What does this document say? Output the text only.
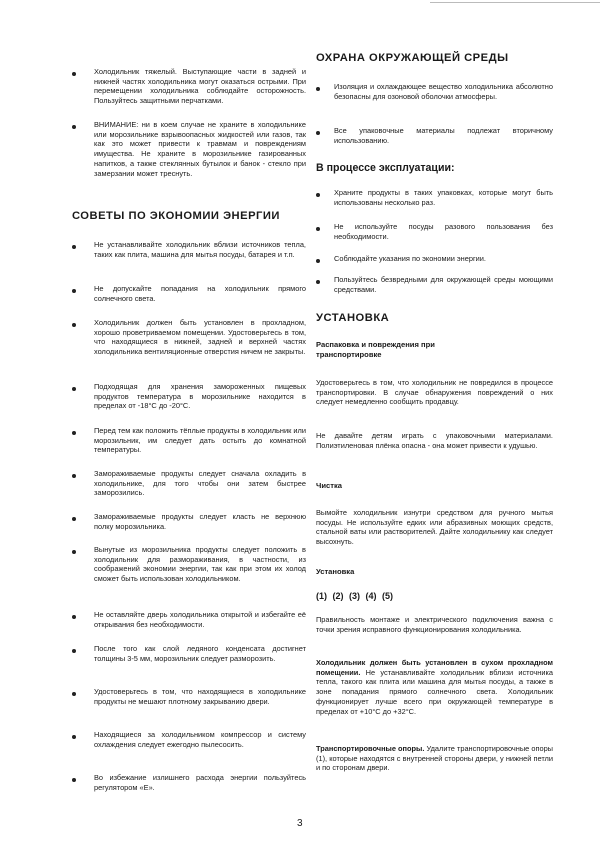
Холодильник тяжелый. Выступающие части в задней и нижней частях холодильника могут оказаться острыми. При перемещении холодильника соблюдайте осторожность. Пользуйтесь защитными перчатками.
ВНИМАНИЕ: ни в коем случае не храните в холодильнике или морозильнике взрывоопасных жидкостей или газов, так как это может привести к травмам и повреждениям имущества. Не храните в морозильнике газированных напитков, а также стеклянных бутылок и банок - стекло при замерзании может треснуть.
СОВЕТЫ ПО ЭКОНОМИИ ЭНЕРГИИ
Не устанавливайте холодильник вблизи источников тепла, таких как плита, машина для мытья посуды, батарея и т.п.
Не допускайте попадания на холодильник прямого солнечного света.
Холодильник должен быть установлен в прохладном, хорошо проветриваемом помещении. Удостоверьтесь в том, что находящиеся в нижней, задней и верхней частях холодильника вентиляционные отверстия ничем не закрыты.
Подходящая для хранения замороженных пищевых продуктов температура в морозильнике находится в пределах от -18°C до -20°C.
Перед тем как положить тёплые продукты в холодильник или морозильник, им следует дать остыть до комнатной температуры.
Замораживаемые продукты следует сначала охладить в холодильнике, для того чтобы они затем быстрее заморозились.
Замораживаемые продукты следует класть не верхнюю полку морозильника.
Вынутые из морозильника продукты следует положить в холодильник для размораживания, в частности, из соображений экономии энергии, так как при этом их холод сможет быть использован холодильником.
Не оставляйте дверь холодильника открытой и избегайте её открывания без необходимости.
После того как слой ледяного конденсата достигнет толщины 3-5 мм, морозильник следует разморозить.
Удостоверьтесь в том, что находящиеся в холодильнике продукты не мешают плотному закрыванию двери.
Находящиеся за холодильником компрессор и систему охлаждения следует ежегодно пылесосить.
Во избежание излишнего расхода энергии пользуйтесь регулятором «E».
ОХРАНА ОКРУЖАЮЩЕЙ СРЕДЫ
Изоляция и охлаждающее вещество холодильника абсолютно безопасны для озоновой оболочки атмосферы.
Все упаковочные материалы подлежат вторичному использованию.
В процессе эксплуатации:
Храните продукты в таких упаковках, которые могут быть использованы несколько раз.
Не используйте посуды разового пользования без необходимости.
Соблюдайте указания по экономии энергии.
Пользуйтесь безвредными для окружающей среды моющими средствами.
УСТАНОВКА
Распаковка и повреждения при транспортировке
Удостоверьтесь в том, что холодильник не повредился в процессе транспортировки. В случае обнаружения повреждений о них следует немедленно сообщить продавцу.
Не давайте детям играть с упаковочными материалами. Полиэтиленовая плёнка опасна - она может привести к удушью.
Чистка
Вымойте холодильник изнутри средством для ручного мытья посуды. Не используйте едких или абразивных моющих средств, стальной ваты или растворителей. Дайте холодильнику как следует высохнуть.
Установка
(1) (2) (3) (4) (5)
Правильность монтаже и электрического подключения важна с точки зрения исправного функционирования холодильника.
Холодильник должен быть установлен в сухом прохладном помещении. Не устанавливайте холодильник вблизи источника тепла, такого как плита или машина для мытья посуды, а также в зоне попадания прямого солнечного света. Холодильник функционирует лучше всего при окружающей температуре в пределах от +10°C до +32°C.
Транспортировочные опоры. Удалите транспортировочные опоры (1), которые находятся с внутренней стороны двери, у нижней петли и по сторонам двери.
3
